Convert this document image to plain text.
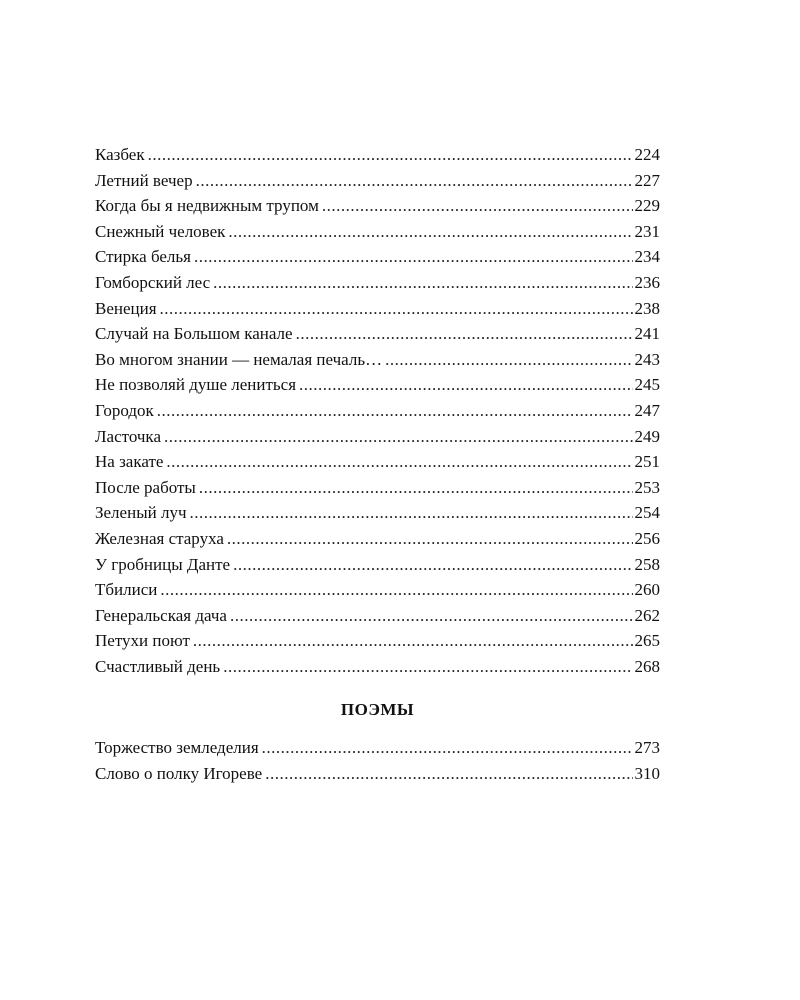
Казбек .....	224
Летний вечер .....	227
Когда бы я недвижным трупом .....	229
Снежный человек .....	231
Стирка белья .....	234
Гомборский лес .....	236
Венеция .....	238
Случай на Большом канале .....	241
Во многом знании — немалая печаль… .....	243
Не позволяй душе лениться .....	245
Городок .....	247
Ласточка .....	249
На закате .....	251
После работы .....	253
Зеленый луч .....	254
Железная старуха .....	256
У гробницы Данте .....	258
Тбилиси .....	260
Генеральская дача .....	262
Петухи поют .....	265
Счастливый день .....	268
ПОЭМЫ
Торжество земледелия .....	273
Слово о полку Игореве .....	310
